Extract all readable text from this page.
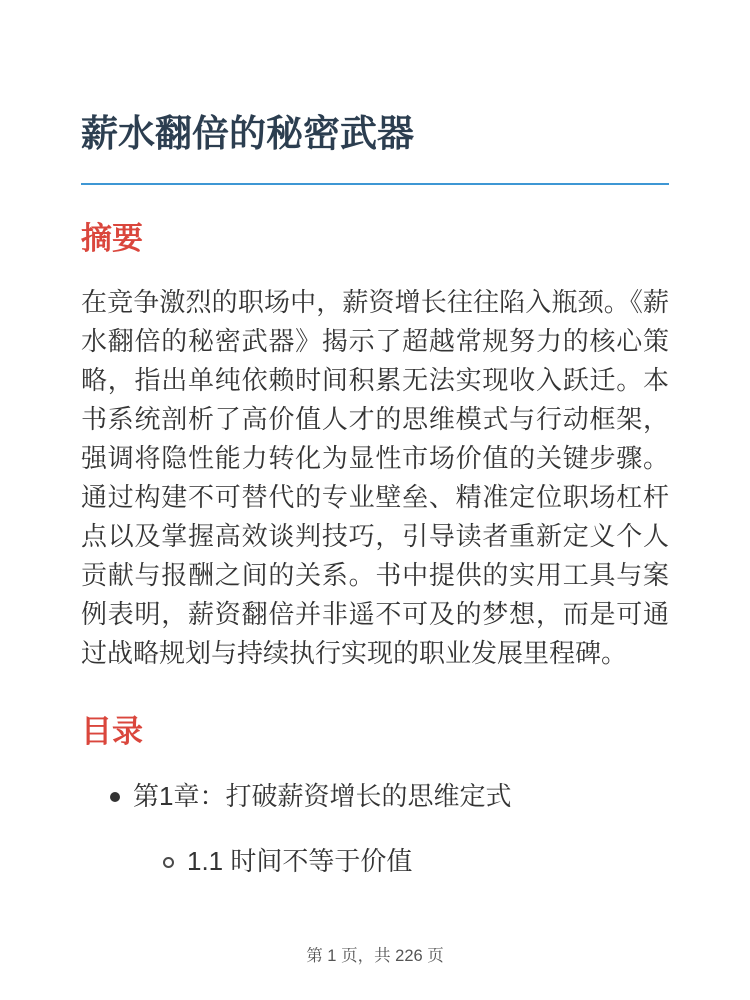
薪水翻倍的秘密武器
摘要

在竞争激烈的职场中，薪资增长往往陷入瓶颈。《薪水翻倍的秘密武器》揭示了超越常规努力的核心策略，指出单纯依赖时间积累无法实现收入跃迁。本书系统剖析了高价值人才的思维模式与行动框架，强调将隐性能力转化为显性市场价值的关键步骤。通过构建不可替代的专业壁垒、精准定位职场杠杆点以及掌握高效谈判技巧，引导读者重新定义个人贡献与报酬之间的关系。书中提供的实用工具与案例表明，薪资翻倍并非遥不可及的梦想，而是可通过战略规划与持续执行实现的职业发展里程碑。

目录
第1章：打破薪资增长的思维定式
1.1 时间不等于价值
第 1 页，共 226 页
